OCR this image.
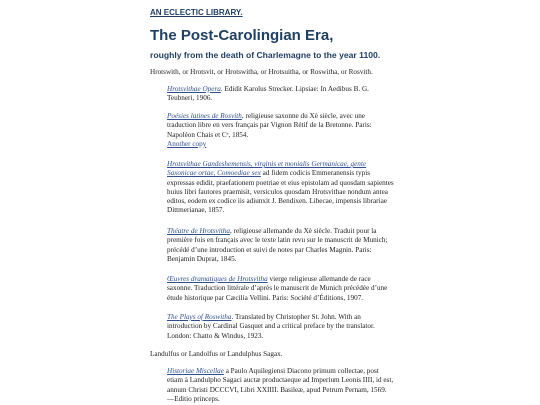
AN ECLECTIC LIBRARY.
The Post-Carolingian Era,
roughly from the death of Charlemagne to the year 1100.

Hrotswith, or Hrotsvit, or Hrotswitha, or Hrotsuitha, or Roswitha, or Rosvith.

Hrotsvithae Opera. Edidit Karolus Strecker. Lipsiae: In Aedibus B. G. Teubneri, 1906.

Poésies latines de Rosvith, religieuse saxonne du Xè siècle, avec une traduction libre en vers français par Vignon Rétif de la Bretonne. Paris: Napoléon Chais et Cᵉ, 1854.
Another copy

Hrotsvithae Gandeshemensis, virginis et monialis Germanicae, gente Saxonicae ortae, Comoediae sex ad fidem codicis Emmeranensis typis expressas edidit, praefationem poetriae et eius epistolam ad quosdam sapientes huius libri fautores praemisit, versiculos quosdam Hrotsvithae nondum antea editos, eodem ex codice iis adiunxit J. Bendixen. Libecae, impensis librariae Dittmerianae, 1857.

Théatre de Hrotsvitha, religieuse allemande du Xè siècle. Traduit pour la première fois en français avec le texte latin revu sur le manuscrit de Munich; précédé d’une introduction et suivi de notes par Charles Magnin. Paris: Benjamin Duprat, 1845.

Œuvres dramatiques de Hrotsvitha vierge religieuse allemande de race saxonne. Traduction littérale d’après le manuscrit de Munich précédée d’une étude historique par Cæcilia Vellini. Paris: Société d’Éditions, 1907.

The Plays of Roswitha. Translated by Christopher St. John. With an introduction by Cardinal Gasquet and a critical preface by the translator. London: Chatto & Windus, 1923.

Landulfus or Landolfus or Landulphus Sagax.

Historiae Miscellae a Paulo Aquilegiensi Diacono primum collectae, post etiam à Landulpho Sagaci auctæ productaeque ad Imperium Leonis IIII, id est, annum Christi DCCCVI, Libri XXIIII. Basileæ, apud Petrum Pernam, 1569. —Editio princeps.
